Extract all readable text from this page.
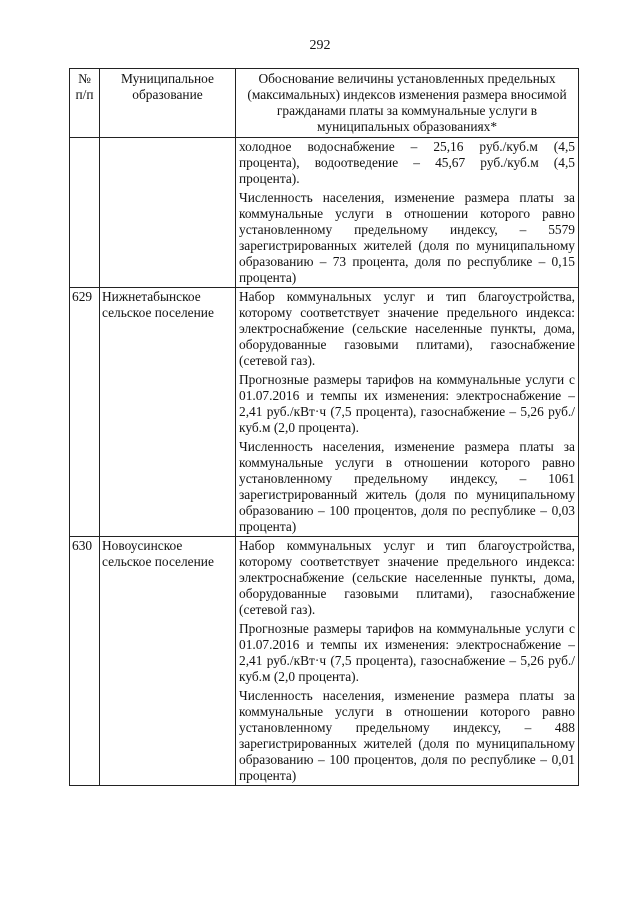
292
№ п/п	Муниципальное образование	Обоснование величины установленных предельных (максимальных) индексов изменения размера вносимой гражданами платы за коммунальные услуги в муниципальных образованиях*

		холодное водоснабжение – 25,16 руб./куб.м (4,5 процента), водоотведение – 45,67 руб./куб.м (4,5 процента).

Численность населения, изменение размера платы за коммунальные услуги в отношении которого равно установленному предельному индексу, – 5579 зарегистрированных жителей (доля по муниципальному образованию – 73 процента, доля по республике – 0,15 процента)

629	Нижнетабынское сельское поселение	Набор коммунальных услуг и тип благоустройства, которому соответствует значение предельного индекса: электроснабжение (сельские населенные пункты, дома, оборудованные газовыми плитами), газоснабжение (сетевой газ).

Прогнозные размеры тарифов на коммунальные услуги с 01.07.2016 и темпы их изменения: электроснабжение – 2,41 руб./кВт·ч (7,5 процента), газоснабжение – 5,26 руб./куб.м (2,0 процента).

Численность населения, изменение размера платы за коммунальные услуги в отношении которого равно установленному предельному индексу, – 1061 зарегистрированный житель (доля по муниципальному образованию – 100 процентов, доля по республике – 0,03 процента)

630	Новоусинское сельское поселение	Набор коммунальных услуг и тип благоустройства, которому соответствует значение предельного индекса: электроснабжение (сельские населенные пункты, дома, оборудованные газовыми плитами), газоснабжение (сетевой газ).

Прогнозные размеры тарифов на коммунальные услуги с 01.07.2016 и темпы их изменения: электроснабжение – 2,41 руб./кВт·ч (7,5 процента), газоснабжение – 5,26 руб./куб.м (2,0 процента).

Численность населения, изменение размера платы за коммунальные услуги в отношении которого равно установленному предельному индексу, – 488 зарегистрированных жителей (доля по муниципальному образованию – 100 процентов, доля по республике – 0,01 процента)
